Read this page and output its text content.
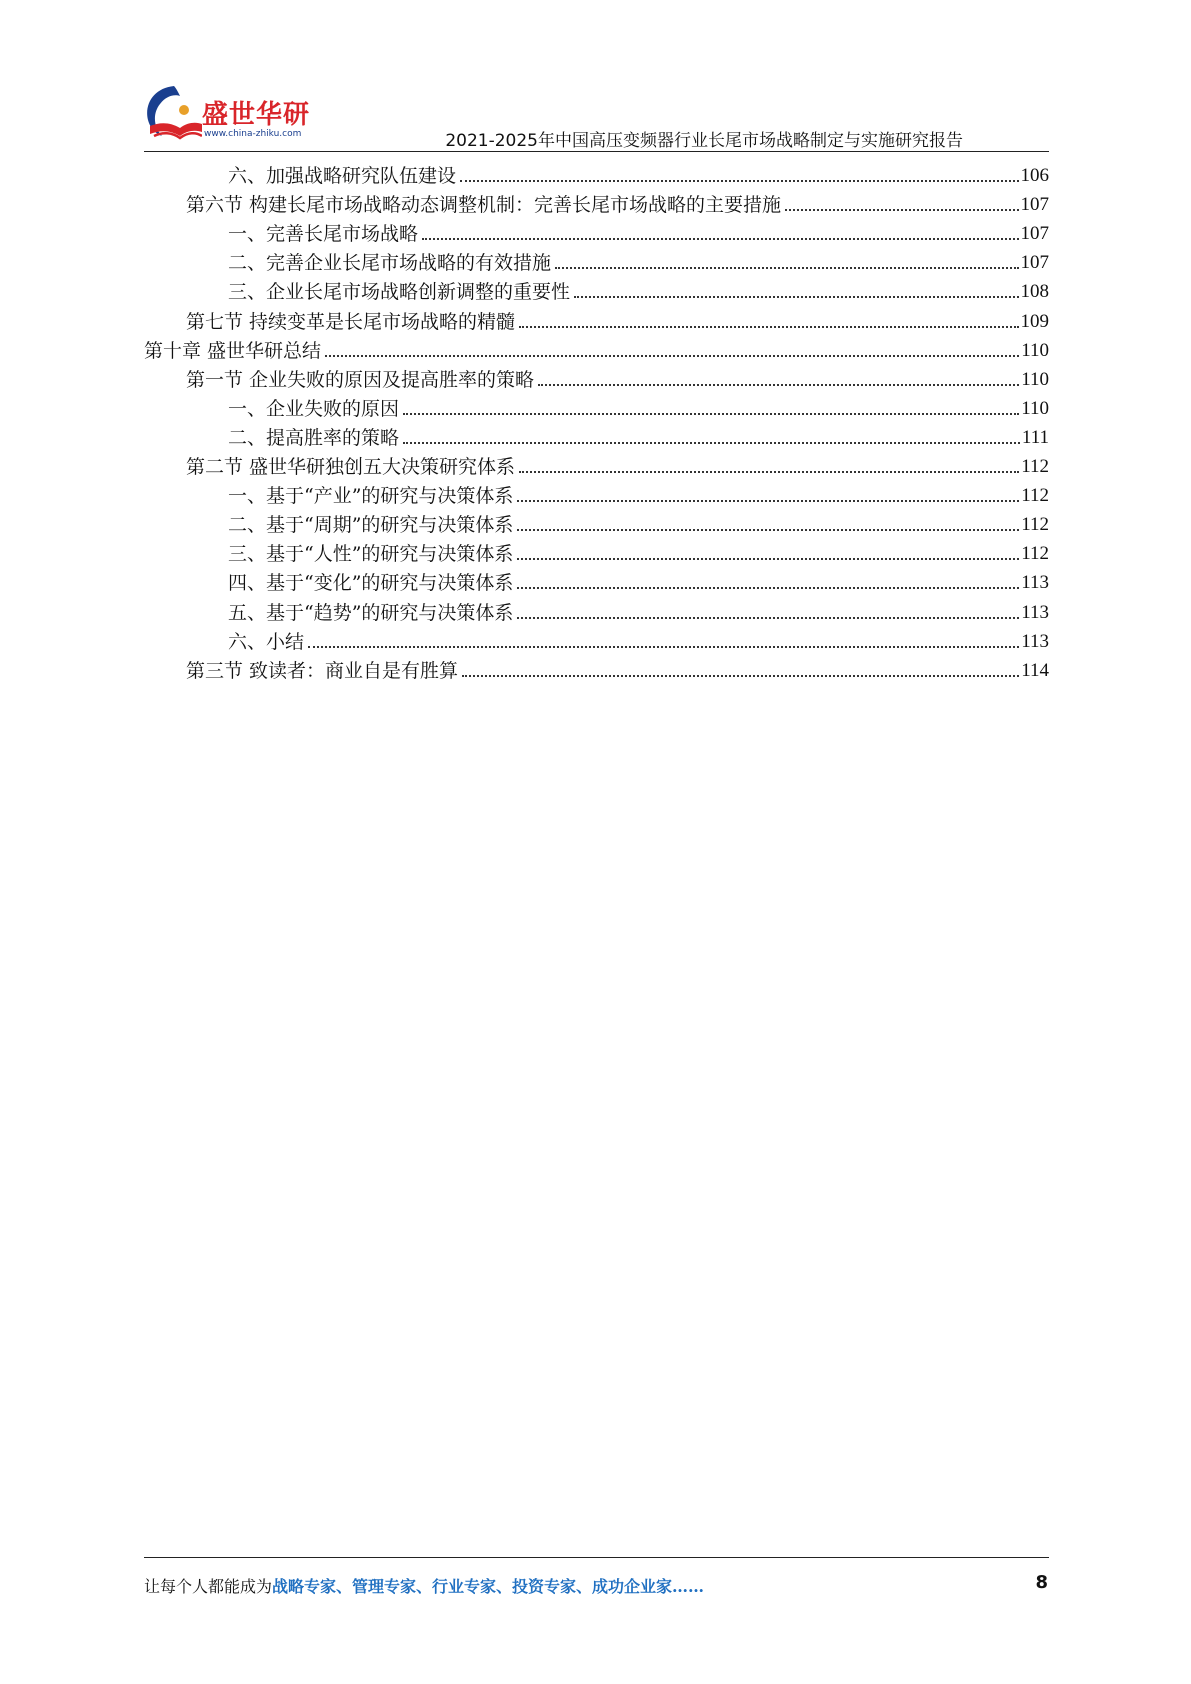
盛世华研
www.china-zhiku.com	2021-2025年中国高压变频器行业长尾市场战略制定与实施研究报告
六、加强战略研究队伍建设	106
第六节 构建长尾市场战略动态调整机制：完善长尾市场战略的主要措施	107
一、完善长尾市场战略	107
二、完善企业长尾市场战略的有效措施	107
三、企业长尾市场战略创新调整的重要性	108
第七节 持续变革是长尾市场战略的精髓	109
第十章 盛世华研总结	110
第一节 企业失败的原因及提高胜率的策略	110
一、企业失败的原因	110
二、提高胜率的策略	111
第二节 盛世华研独创五大决策研究体系	112
一、基于“产业”的研究与决策体系	112
二、基于“周期”的研究与决策体系	112
三、基于“人性”的研究与决策体系	112
四、基于“变化”的研究与决策体系	113
五、基于“趋势”的研究与决策体系	113
六、小结	113
第三节 致读者：商业自是有胜算	114
让每个人都能成为战略专家、管理专家、行业专家、投资专家、成功企业家……	8
